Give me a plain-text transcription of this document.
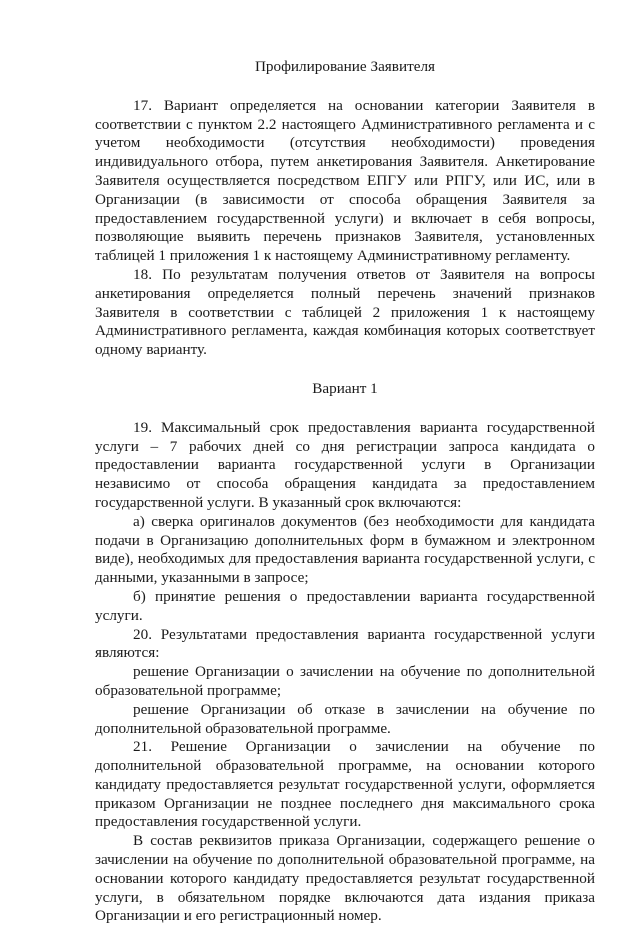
Профилирование Заявителя

17. Вариант определяется на основании категории Заявителя в соответствии с пунктом 2.2 настоящего Административного регламента и с учетом необходимости (отсутствия необходимости) проведения индивидуального отбора, путем анкетирования Заявителя. Анкетирование Заявителя осуществляется посредством ЕПГУ или РПГУ, или ИС, или в Организации (в зависимости от способа обращения Заявителя за предоставлением государственной услуги) и включает в себя вопросы, позволяющие выявить перечень признаков Заявителя, установленных таблицей 1 приложения 1 к настоящему Административному регламенту.

18. По результатам получения ответов от Заявителя на вопросы анкетирования определяется полный перечень значений признаков Заявителя в соответствии с таблицей 2 приложения 1 к настоящему Административного регламента, каждая комбинация которых соответствует одному варианту.

Вариант 1

19. Максимальный срок предоставления варианта государственной услуги – 7 рабочих дней со дня регистрации запроса кандидата о предоставлении варианта государственной услуги в Организации независимо от способа обращения кандидата за предоставлением государственной услуги. В указанный срок включаются:

а) сверка оригиналов документов (без необходимости для кандидата подачи в Организацию дополнительных форм в бумажном и электронном виде), необходимых для предоставления варианта государственной услуги, с данными, указанными в запросе;

б) принятие решения о предоставлении варианта государственной услуги.

20. Результатами предоставления варианта государственной услуги являются:

решение Организации о зачислении на обучение по дополнительной образовательной программе;

решение Организации об отказе в зачислении на обучение по дополнительной образовательной программе.

21. Решение Организации о зачислении на обучение по дополнительной образовательной программе, на основании которого кандидату предоставляется результат государственной услуги, оформляется приказом Организации не позднее последнего дня максимального срока предоставления государственной услуги.

В состав реквизитов приказа Организации, содержащего решение о зачислении на обучение по дополнительной образовательной программе, на основании которого кандидату предоставляется результат государственной услуги, в обязательном порядке включаются дата издания приказа Организации и его регистрационный номер.
